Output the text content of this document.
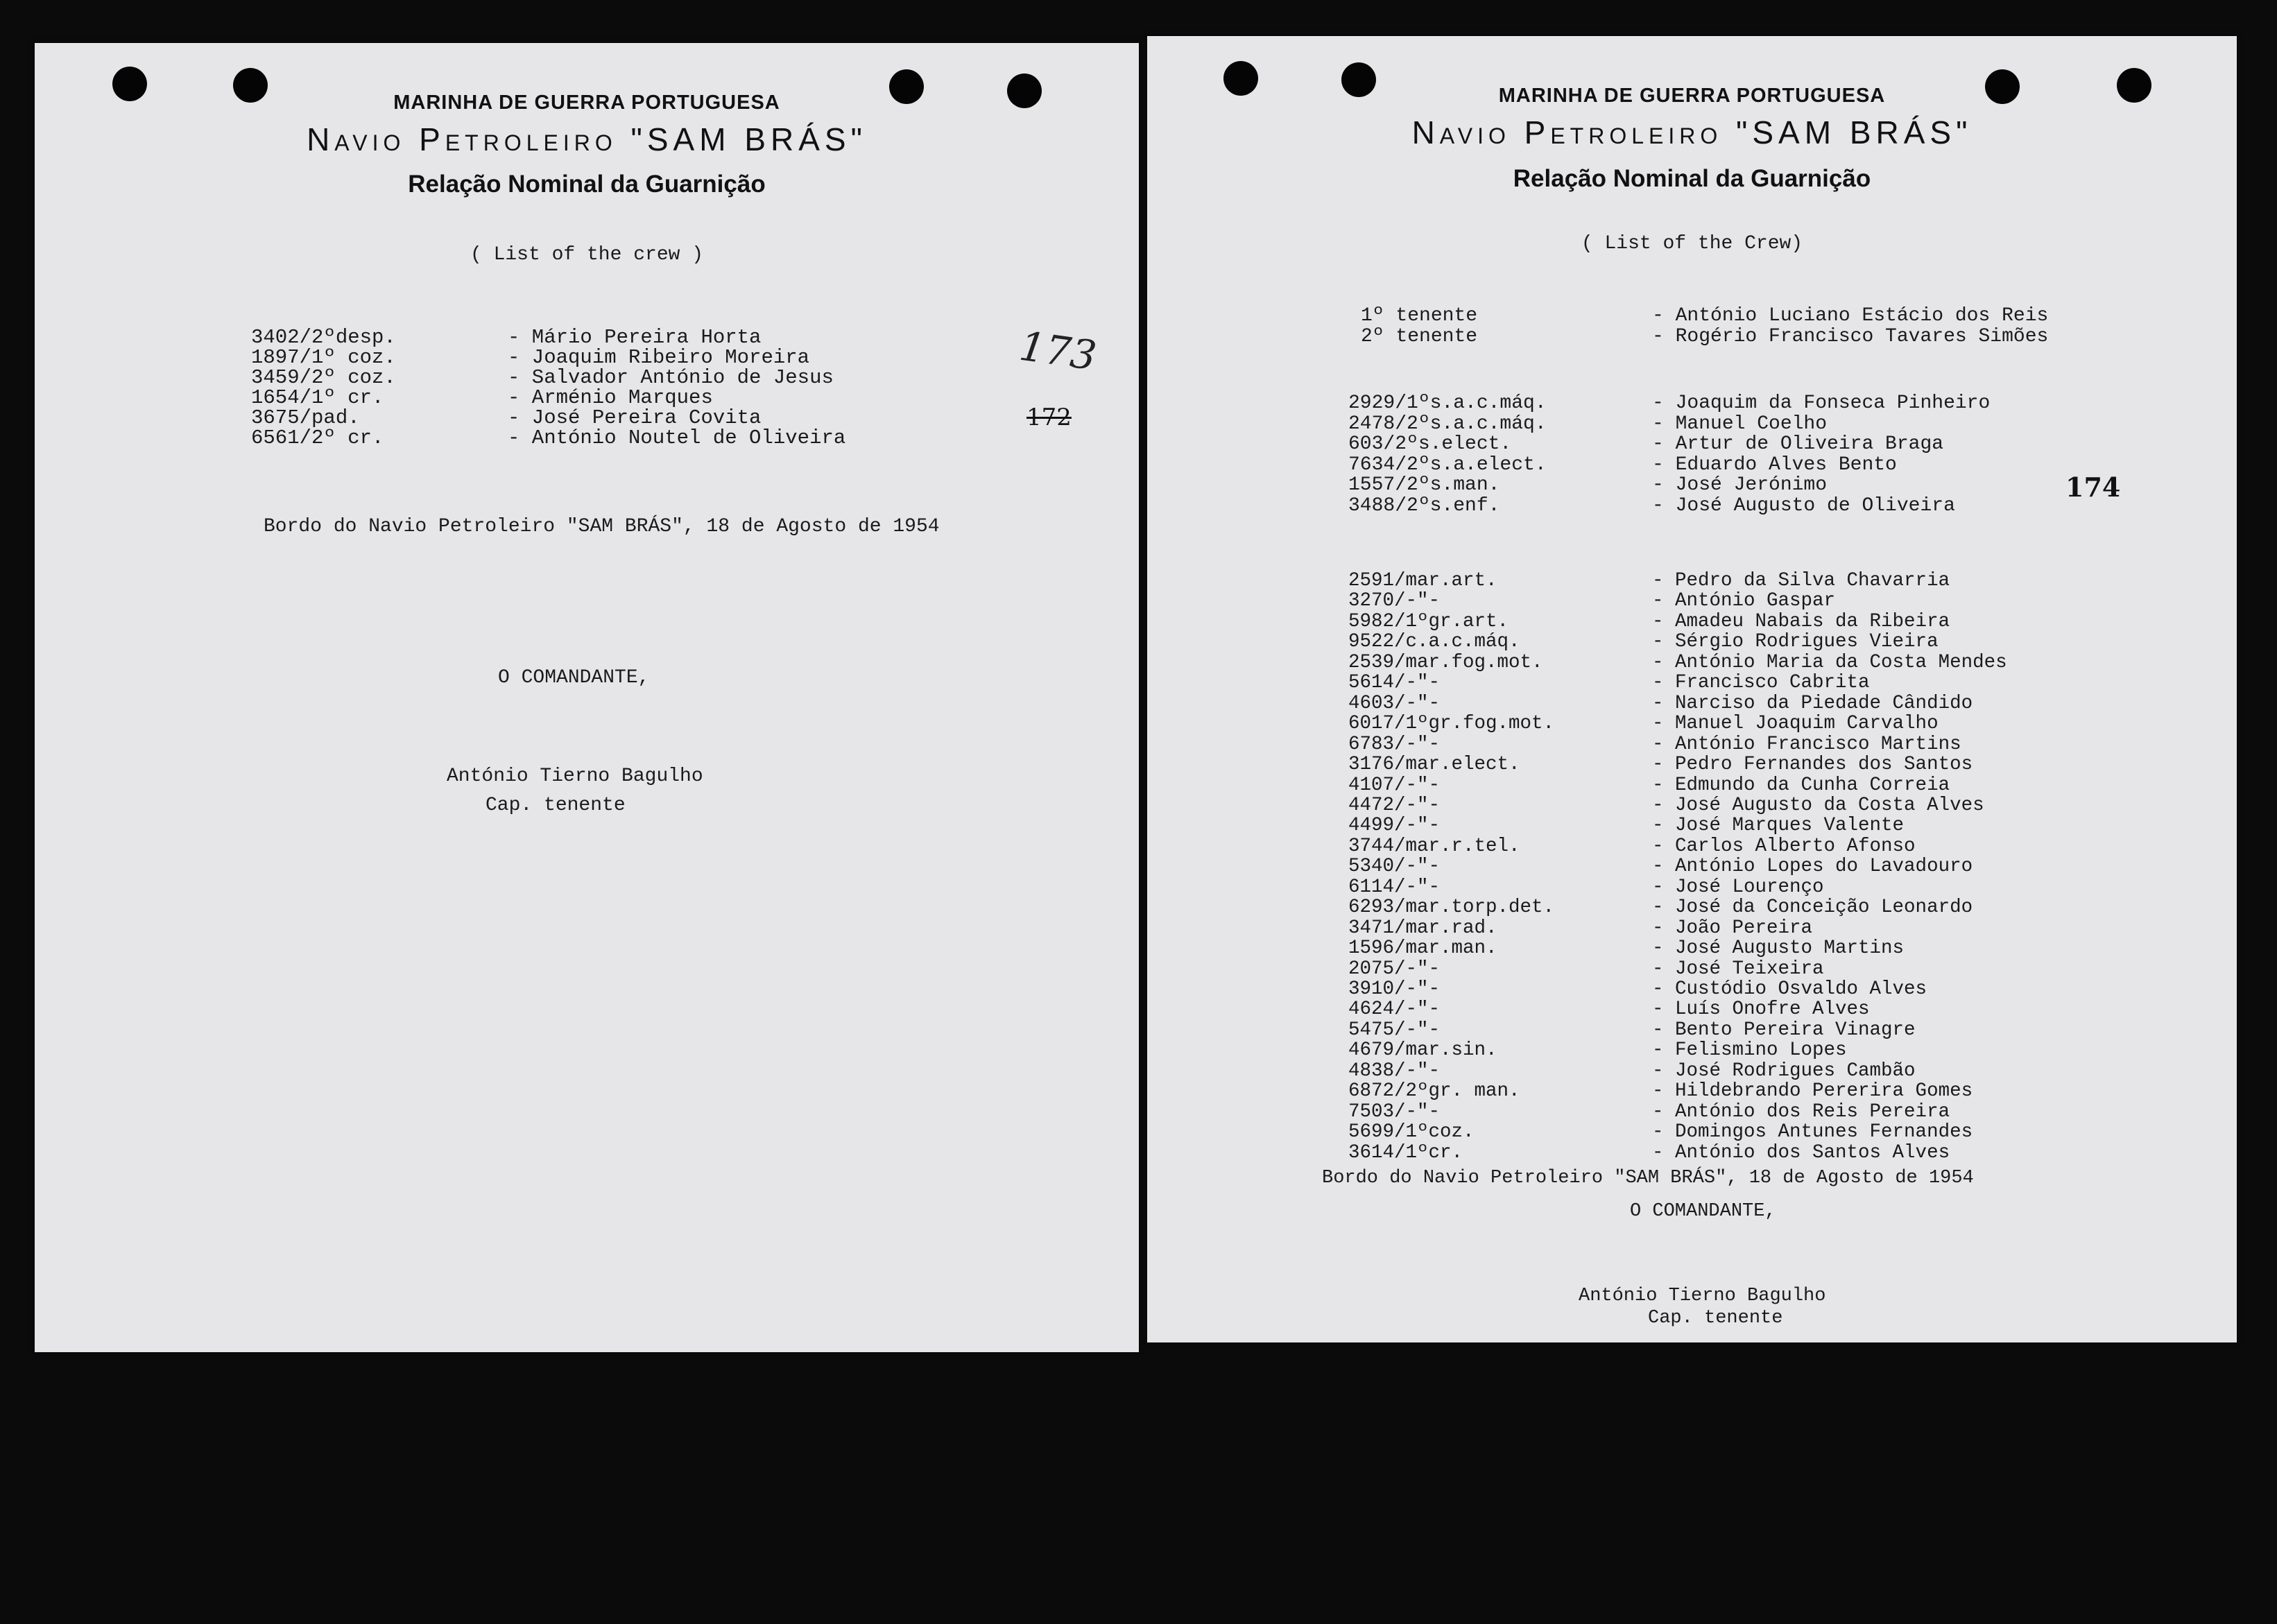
MARINHA DE GUERRA PORTUGUESA
Navio Petroleiro "SAM BRÁS"
Relação Nominal da Guarnição
( List of the crew )
3402/2ºdesp.	- Mário Pereira Horta
1897/1º coz.	- Joaquim Ribeiro Moreira
3459/2º coz.	- Salvador António de Jesus
1654/1º cr.	- Arménio Marques
3675/pad.	- José Pereira Covita
6561/2º cr.	- António Noutel de Oliveira
173
172
Bordo do Navio Petroleiro "SAM BRÁS", 18 de Agosto de 1954
O COMANDANTE,
António Tierno Bagulho
Cap. tenente
MARINHA DE GUERRA PORTUGUESA
Navio Petroleiro "SAM BRÁS"
Relação Nominal da Guarnição
( List of the Crew)
1º tenente	- António Luciano Estácio dos Reis
2º tenente	- Rogério Francisco Tavares Simões
2929/1ºs.a.c.máq.	- Joaquim da Fonseca Pinheiro
2478/2ºs.a.c.máq.	- Manuel Coelho
603/2ºs.elect.	- Artur de Oliveira Braga
7634/2ºs.a.elect.	- Eduardo Alves Bento
1557/2ºs.man.	- José Jerónimo
3488/2ºs.enf.	- José Augusto de Oliveira
174
2591/mar.art.	- Pedro da Silva Chavarria
3270/-"-	- António Gaspar
5982/1ºgr.art.	- Amadeu Nabais da Ribeira
9522/c.a.c.máq.	- Sérgio Rodrigues Vieira
2539/mar.fog.mot.	- António Maria da Costa Mendes
5614/-"-	- Francisco Cabrita
4603/-"-	- Narciso da Piedade Cândido
6017/1ºgr.fog.mot.	- Manuel Joaquim Carvalho
6783/-"-	- António Francisco Martins
3176/mar.elect.	- Pedro Fernandes dos Santos
4107/-"-	- Edmundo da Cunha Correia
4472/-"-	- José Augusto da Costa Alves
4499/-"-	- José Marques Valente
3744/mar.r.tel.	- Carlos Alberto Afonso
5340/-"-	- António Lopes do Lavadouro
6114/-"-	- José Lourenço
6293/mar.torp.det.	- José da Conceição Leonardo
3471/mar.rad.	- João Pereira
1596/mar.man.	- José Augusto Martins
2075/-"-	- José Teixeira
3910/-"-	- Custódio Osvaldo Alves
4624/-"-	- Luís Onofre Alves
5475/-"-	- Bento Pereira Vinagre
4679/mar.sin.	- Felismino Lopes
4838/-"-	- José Rodrigues Cambão
6872/2ºgr. man.	- Hildebrando Pererira Gomes
7503/-"-	- António dos Reis Pereira
5699/1ºcoz.	- Domingos Antunes Fernandes
3614/1ºcr.	- António dos Santos Alves
Bordo do Navio Petroleiro "SAM BRÁS", 18 de Agosto de 1954
O COMANDANTE,
António Tierno Bagulho
Cap. tenente
